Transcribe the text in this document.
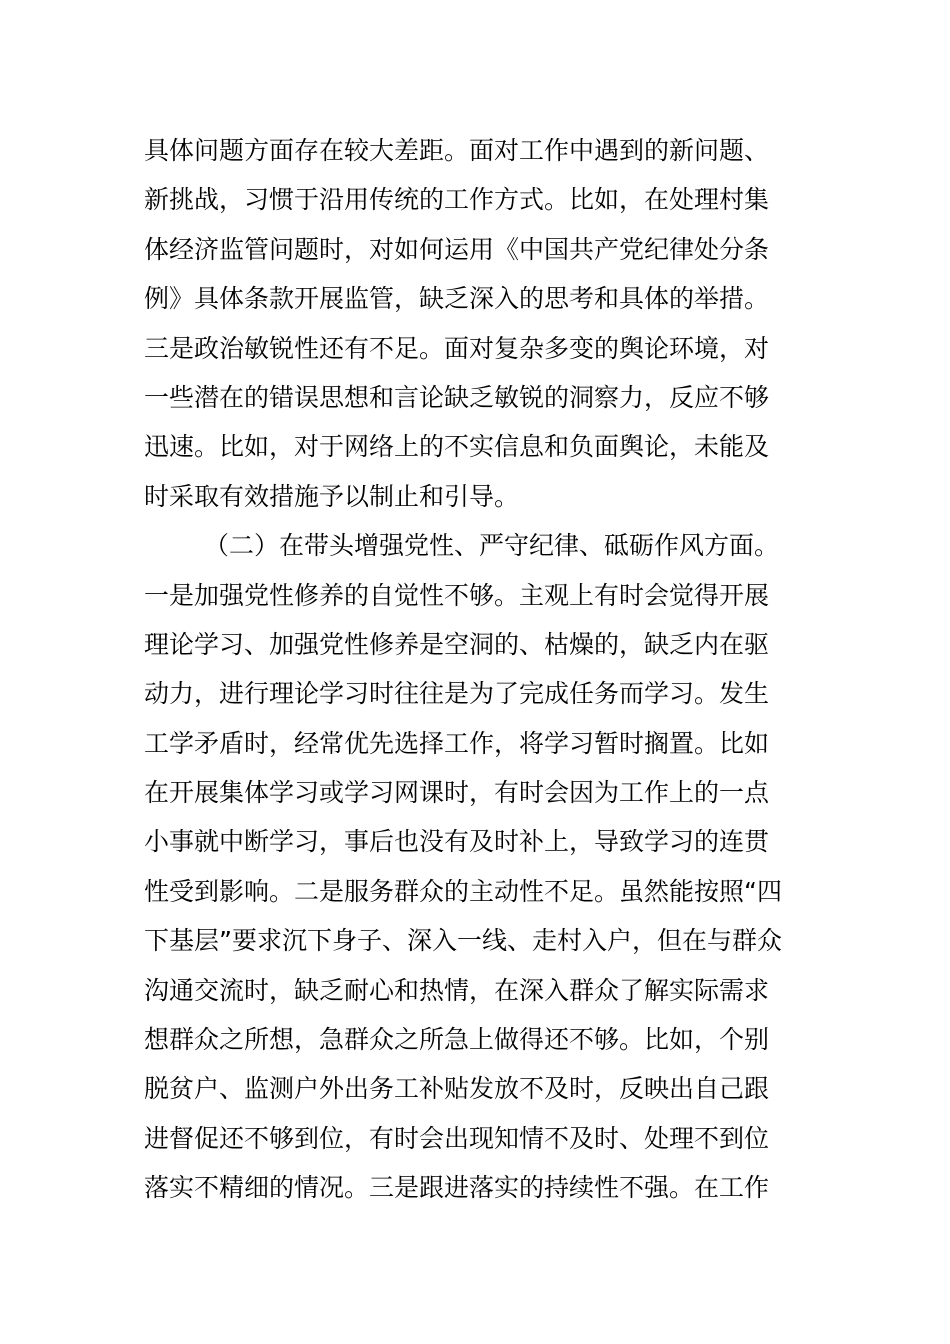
具体问题方面存在较大差距。面对工作中遇到的新问题、
新挑战，习惯于沿用传统的工作方式。比如，在处理村集
体经济监管问题时，对如何运用《中国共产党纪律处分条
例》具体条款开展监管，缺乏深入的思考和具体的举措。
三是政治敏锐性还有不足。面对复杂多变的舆论环境，对
一些潜在的错误思想和言论缺乏敏锐的洞察力，反应不够
迅速。比如，对于网络上的不实信息和负面舆论，未能及
时采取有效措施予以制止和引导。
（二）在带头增强党性、严守纪律、砥砺作风方面。
一是加强党性修养的自觉性不够。主观上有时会觉得开展
理论学习、加强党性修养是空洞的、枯燥的，缺乏内在驱
动力，进行理论学习时往往是为了完成任务而学习。发生
工学矛盾时，经常优先选择工作，将学习暂时搁置。比如
在开展集体学习或学习网课时，有时会因为工作上的一点
小事就中断学习，事后也没有及时补上，导致学习的连贯
性受到影响。二是服务群众的主动性不足。虽然能按照“四
下基层”要求沉下身子、深入一线、走村入户，但在与群众
沟通交流时，缺乏耐心和热情，在深入群众了解实际需求
想群众之所想，急群众之所急上做得还不够。比如，个别
脱贫户、监测户外出务工补贴发放不及时，反映出自己跟
进督促还不够到位，有时会出现知情不及时、处理不到位
落实不精细的情况。三是跟进落实的持续性不强。在工作
